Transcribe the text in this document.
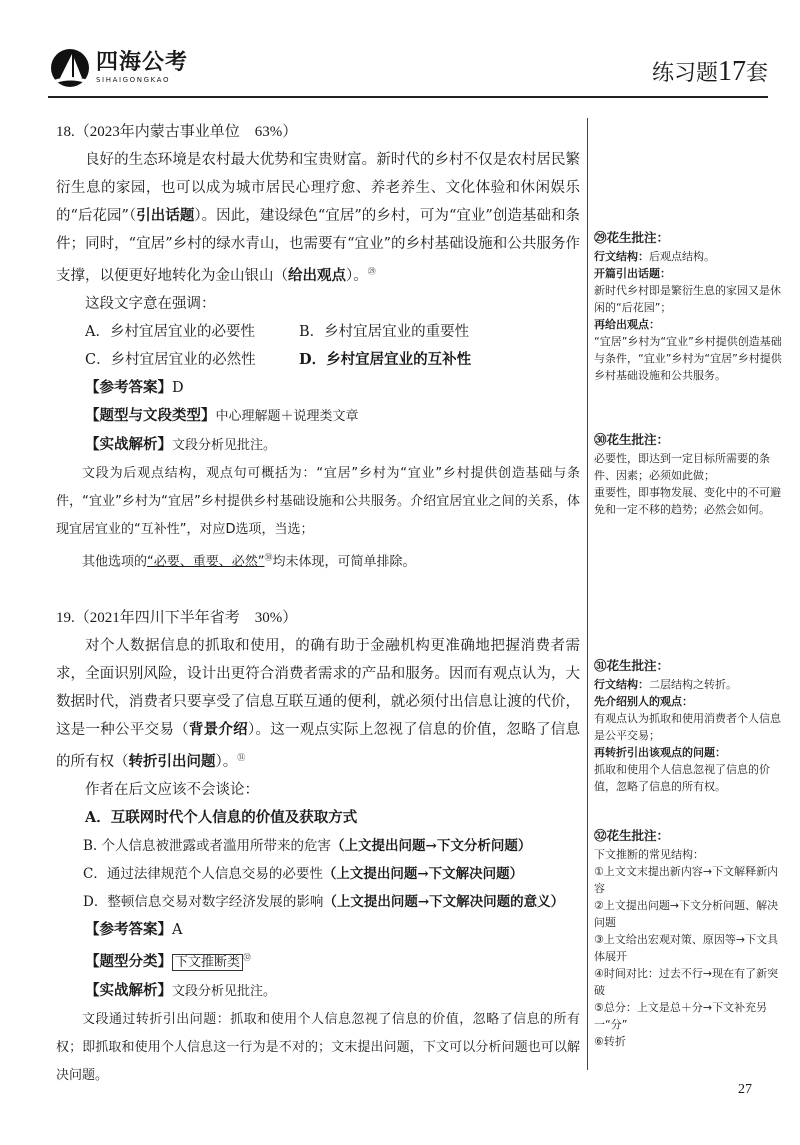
四海公考
SIHAIGONGKAO	练习题17套
18.（2023年内蒙古事业单位　63%）
良好的生态环境是农村最大优势和宝贵财富。新时代的乡村不仅是农村居民繁衍生息的家园，也可以成为城市居民心理疗愈、养老养生、文化体验和休闲娱乐的“后花园”（引出话题）。因此，建设绿色“宜居”的乡村，可为“宜业”创造基础和条件；同时，“宜居”乡村的绿水青山，也需要有“宜业”的乡村基础设施和公共服务作支撑，以便更好地转化为金山银山（给出观点）。$^㉙$
这段文字意在强调：
A．乡村宜居宜业的必要性	B．乡村宜居宜业的重要性
C．乡村宜居宜业的必然性	D．乡村宜居宜业的互补性
【参考答案】D
【题型与文段类型】中心理解题＋说理类文章
【实战解析】文段分析见批注。
文段为后观点结构，观点句可概括为：“宜居”乡村为“宜业”乡村提供创造基础与条件，“宜业”乡村为“宜居”乡村提供乡村基础设施和公共服务。介绍宜居宜业之间的关系，体现宜居宜业的“互补性”，对应D选项，当选；
其他选项的“必要、重要、必然”$^㉚$均未体现，可简单排除。
19.（2021年四川下半年省考　30%）
对个人数据信息的抓取和使用，的确有助于金融机构更准确地把握消费者需求，全面识别风险，设计出更符合消费者需求的产品和服务。因而有观点认为，大数据时代，消费者只要享受了信息互联互通的便利，就必须付出信息让渡的代价，这是一种公平交易（背景介绍）。这一观点实际上忽视了信息的价值，忽略了信息的所有权（转折引出问题）。$^㉛$
作者在后文应该不会谈论：
A．互联网时代个人信息的价值及获取方式
B. 个人信息被泄露或者滥用所带来的危害（上文提出问题→下文分析问题）
C．通过法律规范个人信息交易的必要性（上文提出问题→下文解决问题）
D．整顿信息交易对数字经济发展的影响（上文提出问题→下文解决问题的意义）
【参考答案】A
【题型分类】 下文推断类 $^㉜$
【实战解析】文段分析见批注。
文段通过转折引出问题：抓取和使用个人信息忽视了信息的价值，忽略了信息的所有权；即抓取和使用个人信息这一行为是不对的；文末提出问题，下文可以分析问题也可以解决问题。
㉙花生批注：
行文结构：后观点结构。
开篇引出话题：
新时代乡村即是繁衍生息的家园又是休闲的“后花园”；
再给出观点：
“宜居”乡村为“宜业”乡村提供创造基础与条件，“宜业”乡村为“宜居”乡村提供乡村基础设施和公共服务。
㉚花生批注：
必要性，即达到一定目标所需要的条件、因素；必须如此做；
重要性，即事物发展、变化中的不可避免和一定不移的趋势；必然会如何。
㉛花生批注：
行文结构：二层结构之转折。
先介绍别人的观点：
有观点认为抓取和使用消费者个人信息是公平交易；
再转折引出该观点的问题：
抓取和使用个人信息忽视了信息的价值，忽略了信息的所有权。
㉜花生批注：
下文推断的常见结构：
①上文文末提出新内容→下文解释新内容
②上文提出问题→下文分析问题、解决问题
③上文给出宏观对策、原因等→下文具体展开
④时间对比：过去不行→现在有了新突破
⑤总分：上文是总＋分→下文补充另一“分”
⑥转折
27
